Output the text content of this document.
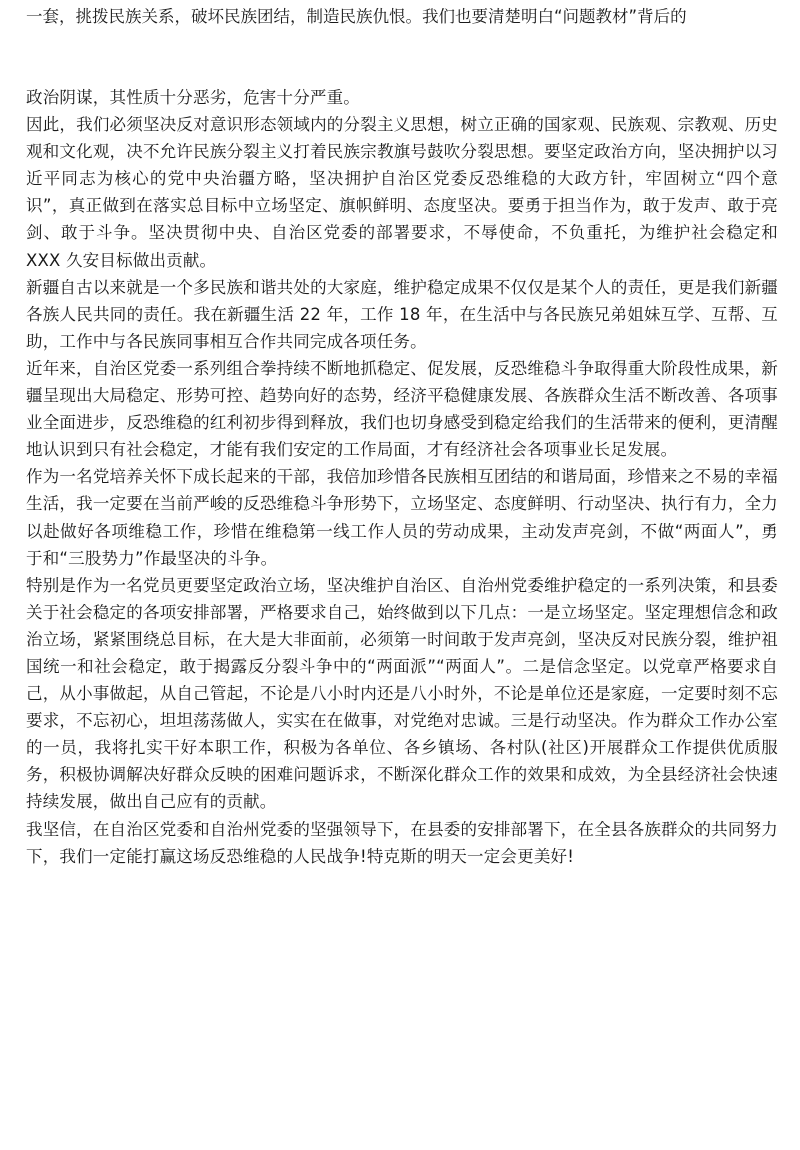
一套，挑拨民族关系，破坏民族团结，制造民族仇恨。我们也要清楚明白“问题教材”背后的

政治阴谋，其性质十分恶劣，危害十分严重。

因此，我们必须坚决反对意识形态领域内的分裂主义思想，树立正确的国家观、民族观、宗教观、历史观和文化观，决不允许民族分裂主义打着民族宗教旗号鼓吹分裂思想。要坚定政治方向，坚决拥护以习近平同志为核心的党中央治疆方略，坚决拥护自治区党委反恐维稳的大政方针，牢固树立“四个意识”，真正做到在落实总目标中立场坚定、旗帜鲜明、态度坚决。要勇于担当作为，敢于发声、敢于亮剑、敢于斗争。坚决贯彻中央、自治区党委的部署要求，不辱使命，不负重托，为维护社会稳定和 XXX 久安目标做出贡献。

新疆自古以来就是一个多民族和谐共处的大家庭，维护稳定成果不仅仅是某个人的责任，更是我们新疆各族人民共同的责任。我在新疆生活 22 年，工作 18 年，在生活中与各民族兄弟姐妹互学、互帮、互助，工作中与各民族同事相互合作共同完成各项任务。

近年来，自治区党委一系列组合拳持续不断地抓稳定、促发展，反恐维稳斗争取得重大阶段性成果，新疆呈现出大局稳定、形势可控、趋势向好的态势，经济平稳健康发展、各族群众生活不断改善、各项事业全面进步，反恐维稳的红利初步得到释放，我们也切身感受到稳定给我们的生活带来的便利，更清醒地认识到只有社会稳定，才能有我们安定的工作局面，才有经济社会各项事业长足发展。

作为一名党培养关怀下成长起来的干部，我倍加珍惜各民族相互团结的和谐局面，珍惜来之不易的幸福生活，我一定要在当前严峻的反恐维稳斗争形势下，立场坚定、态度鲜明、行动坚决、执行有力，全力以赴做好各项维稳工作，珍惜在维稳第一线工作人员的劳动成果，主动发声亮剑，不做“两面人”，勇于和“三股势力”作最坚决的斗争。

特别是作为一名党员更要坚定政治立场，坚决维护自治区、自治州党委维护稳定的一系列决策，和县委关于社会稳定的各项安排部署，严格要求自己，始终做到以下几点：一是立场坚定。坚定理想信念和政治立场，紧紧围绕总目标，在大是大非面前，必须第一时间敢于发声亮剑，坚决反对民族分裂，维护祖国统一和社会稳定，敢于揭露反分裂斗争中的“两面派”“两面人”。二是信念坚定。以党章严格要求自己，从小事做起，从自己管起，不论是八小时内还是八小时外，不论是单位还是家庭，一定要时刻不忘要求，不忘初心，坦坦荡荡做人，实实在在做事，对党绝对忠诚。三是行动坚决。作为群众工作办公室的一员，我将扎实干好本职工作，积极为各单位、各乡镇场、各村队(社区)开展群众工作提供优质服务，积极协调解决好群众反映的困难问题诉求，不断深化群众工作的效果和成效，为全县经济社会快速持续发展，做出自己应有的贡献。

我坚信，在自治区党委和自治州党委的坚强领导下，在县委的安排部署下，在全县各族群众的共同努力下，我们一定能打赢这场反恐维稳的人民战争!特克斯的明天一定会更美好!
